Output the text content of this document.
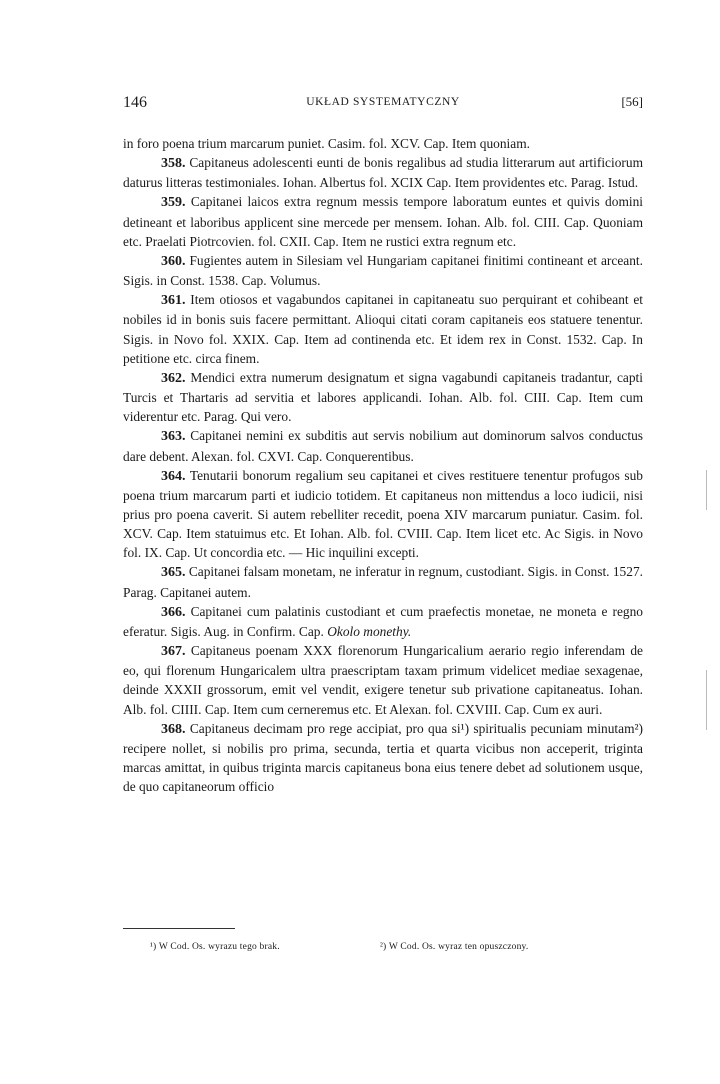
146	UKŁAD SYSTEMATYCZNY	[56]

in foro poena trium marcarum puniet. Casim. fol. XCV. Cap. Item quoniam.

358. Capitaneus adolescenti eunti de bonis regalibus ad studia litterarum aut artificiorum daturus litteras testimoniales. Iohan. Albertus fol. XCIX Cap. Item providentes etc. Parag. Istud.

359. Capitanei laicos extra regnum messis tempore laboratum euntes et quivis domini detineant et laboribus applicent sine mercede per mensem. Iohan. Alb. fol. CIII. Cap. Quoniam etc. Praelati Piotrcovien. fol. CXII. Cap. Item ne rustici extra regnum etc.

360. Fugientes autem in Silesiam vel Hungariam capitanei finitimi contineant et arceant. Sigis. in Const. 1538. Cap. Volumus.

361. Item otiosos et vagabundos capitanei in capitaneatu suo perquirant et cohibeant et nobiles id in bonis suis facere permittant. Alioqui citati coram capitaneis eos statuere tenentur. Sigis. in Novo fol. XXIX. Cap. Item ad continenda etc. Et idem rex in Const. 1532. Cap. In petitione etc. circa finem.

362. Mendici extra numerum designatum et signa vagabundi capitaneis tradantur, capti Turcis et Thartaris ad servitia et labores applicandi. Iohan. Alb. fol. CIII. Cap. Item cum viderentur etc. Parag. Qui vero.

363. Capitanei nemini ex subditis aut servis nobilium aut dominorum salvos conductus dare debent. Alexan. fol. CXVI. Cap. Conquerentibus.

364. Tenutarii bonorum regalium seu capitanei et cives restituere tenentur profugos sub poena trium marcarum parti et iudicio totidem. Et capitaneus non mittendus a loco iudicii, nisi prius pro poena caverit. Si autem rebelliter recedit, poena XIV marcarum puniatur. Casim. fol. XCV. Cap. Item statuimus etc. Et Iohan. Alb. fol. CVIII. Cap. Item licet etc. Ac Sigis. in Novo fol. IX. Cap. Ut concordia etc. — Hic inquilini excepti.

365. Capitanei falsam monetam, ne inferatur in regnum, custodiant. Sigis. in Const. 1527. Parag. Capitanei autem.

366. Capitanei cum palatinis custodiant et cum praefectis monetae, ne moneta e regno eferatur. Sigis. Aug. in Confirm. Cap. Okolo monethy.

367. Capitaneus poenam XXX florenorum Hungaricalium aerario regio inferendam de eo, qui florenum Hungaricalem ultra praescriptam taxam primum videlicet mediae sexagenae, deinde XXXII grossorum, emit vel vendit, exigere tenetur sub privatione capitaneatus. Iohan. Alb. fol. CIIII. Cap. Item cum cerneremus etc. Et Alexan. fol. CXVIII. Cap. Cum ex auri.

368. Capitaneus decimam pro rege accipiat, pro qua si¹) spiritualis pecuniam minutam²) recipere nollet, si nobilis pro prima, secunda, tertia et quarta vicibus non acceperit, triginta marcas amittat, in quibus triginta marcis capitaneus bona eius tenere debet ad solutionem usque, de quo capitaneorum officio

¹) W Cod. Os. wyrazu tego brak.	²) W Cod. Os. wyraz ten opuszczony.
